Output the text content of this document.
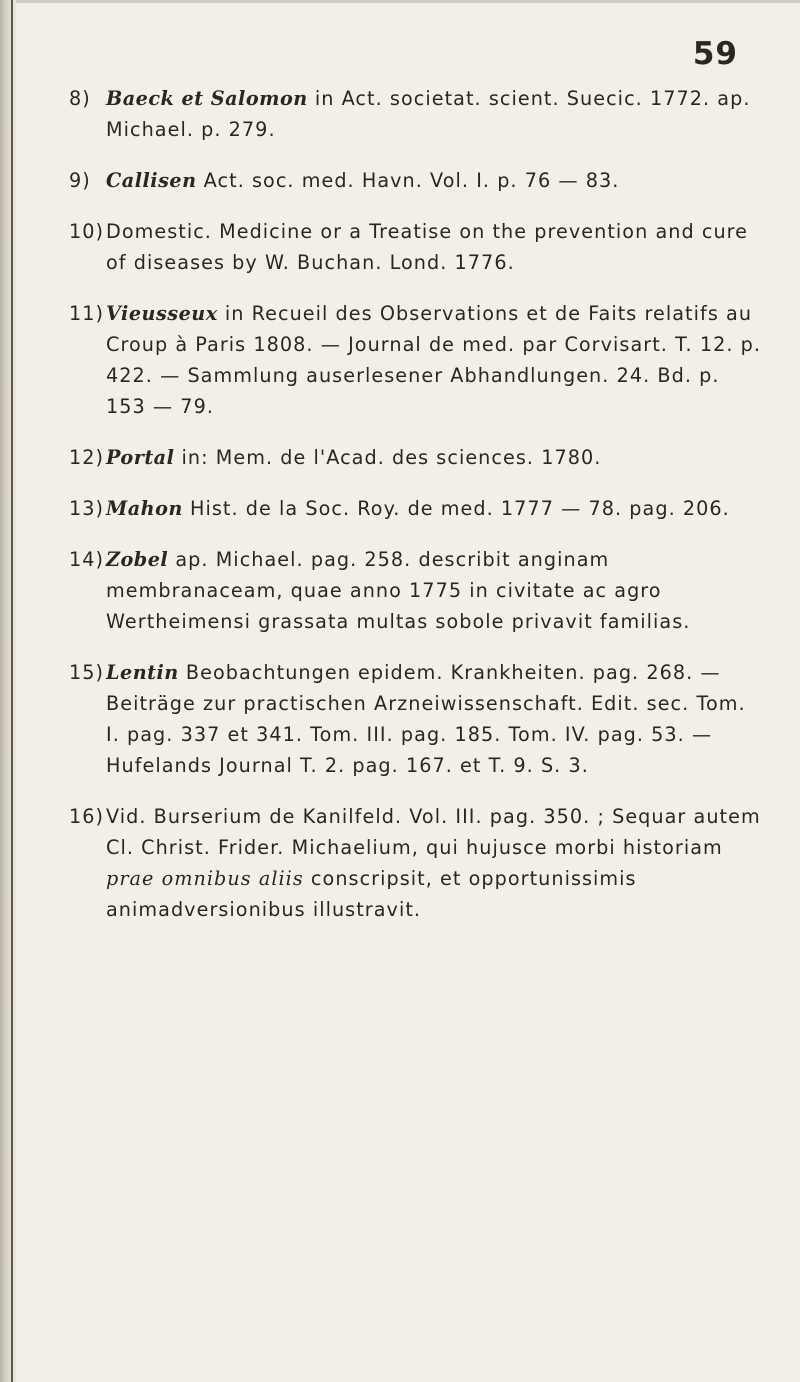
59
8) Baeck et Salomon in Act. societat. scient. Suecic. 1772. ap. Michael. p. 279.
9) Callisen Act. soc. med. Havn. Vol. I. p. 76 — 83.
10) Domestic. Medicine or a Treatise on the prevention and cure of diseases by W. Buchan. Lond. 1776.
11) Vieusseux in Recueil des Observations et de Faits relatifs au Croup à Paris 1808. — Journal de med. par Corvisart. T. 12. p. 422. — Sammlung auserlesener Abhandlungen. 24. Bd. p. 153 — 79.
12) Portal in: Mem. de l'Acad. des sciences. 1780.
13) Mahon Hist. de la Soc. Roy. de med. 1777 — 78. pag. 206.
14) Zobel ap. Michael. pag. 258. describit anginam membranaceam, quae anno 1775 in civitate ac agro Wertheimensi grassata multas sobole privavit familias.
15) Lentin Beobachtungen epidem. Krankheiten. pag. 268. — Beiträge zur practischen Arzneiwissenschaft. Edit. sec. Tom. I. pag. 337 et 341. Tom. III. pag. 185. Tom. IV. pag. 53. — Hufelands Journal T. 2. pag. 167. et T. 9. S. 3.
16) Vid. Burserium de Kanilfeld. Vol. III. pag. 350. ; Sequar autem Cl. Christ. Frider. Michaelium, qui hujusce morbi historiam prae omnibus aliis conscripsit, et opportunissimis animadversionibus illustravit.
